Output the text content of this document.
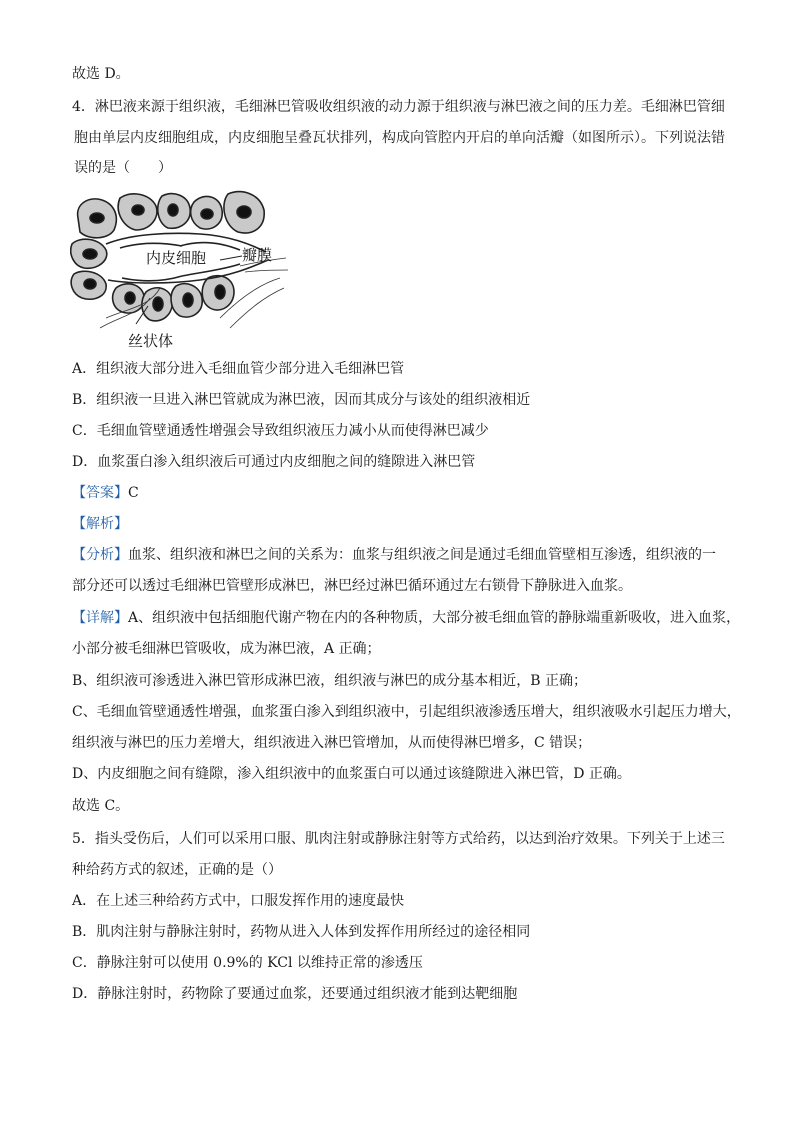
故选 D。
4．淋巴液来源于组织液，毛细淋巴管吸收组织液的动力源于组织液与淋巴液之间的压力差。毛细淋巴管细
胞由单层内皮细胞组成，内皮细胞呈叠瓦状排列，构成向管腔内开启的单向活瓣（如图所示）。下列说法错
误的是（　　）
内皮细胞 瓣膜
丝状体
A．组织液大部分进入毛细血管少部分进入毛细淋巴管
B．组织液一旦进入淋巴管就成为淋巴液，因而其成分与该处的组织液相近
C．毛细血管壁通透性增强会导致组织液压力减小从而使得淋巴减少
D．血浆蛋白渗入组织液后可通过内皮细胞之间的缝隙进入淋巴管
【答案】C
【解析】
【分析】血浆、组织液和淋巴之间的关系为：血浆与组织液之间是通过毛细血管壁相互渗透，组织液的一
部分还可以透过毛细淋巴管壁形成淋巴，淋巴经过淋巴循环通过左右锁骨下静脉进入血浆。
【详解】A、组织液中包括细胞代谢产物在内的各种物质，大部分被毛细血管的静脉端重新吸收，进入血浆，
小部分被毛细淋巴管吸收，成为淋巴液，A 正确；
B、组织液可渗透进入淋巴管形成淋巴液，组织液与淋巴的成分基本相近，B 正确；
C、毛细血管壁通透性增强，血浆蛋白渗入到组织液中，引起组织液渗透压增大，组织液吸水引起压力增大，
组织液与淋巴的压力差增大，组织液进入淋巴管增加，从而使得淋巴增多，C 错误；
D、内皮细胞之间有缝隙，渗入组织液中的血浆蛋白可以通过该缝隙进入淋巴管，D 正确。
故选 C。
5．指头受伤后，人们可以采用口服、肌肉注射或静脉注射等方式给药，以达到治疗效果。下列关于上述三
种给药方式的叙述，正确的是（）
A．在上述三种给药方式中，口服发挥作用的速度最快
B．肌肉注射与静脉注射时，药物从进入人体到发挥作用所经过的途径相同
C．静脉注射可以使用 0.9%的 KCl 以维持正常的渗透压
D．静脉注射时，药物除了要通过血浆，还要通过组织液才能到达靶细胞
